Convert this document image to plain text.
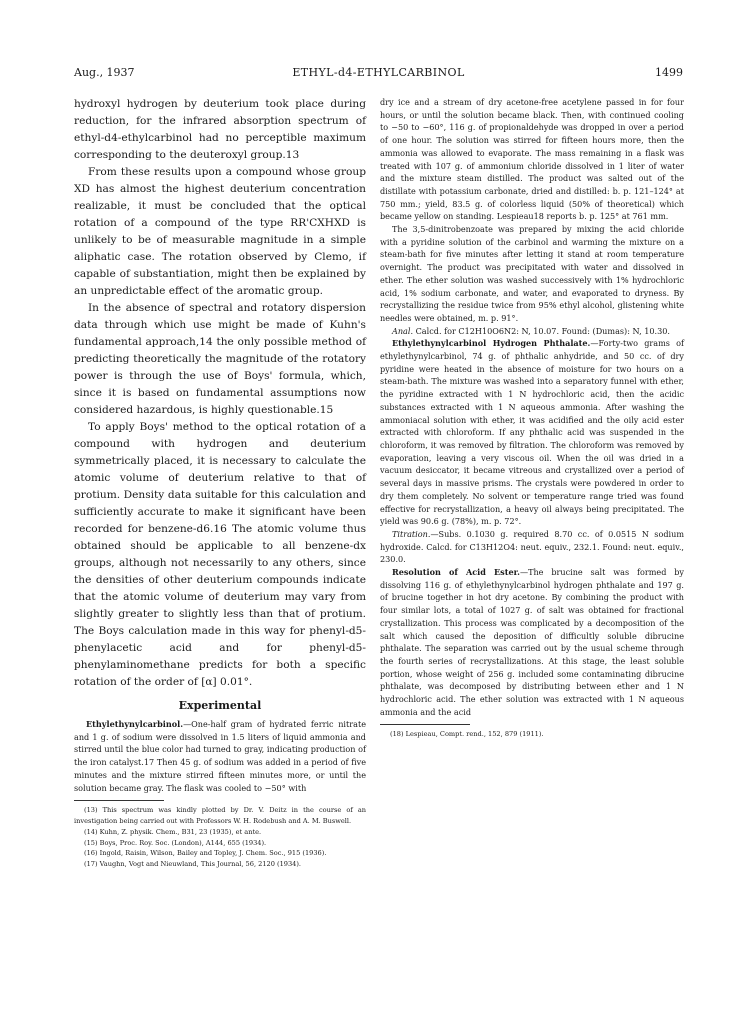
Aug., 1937	ETHYL-d4-ETHYLCARBINOL	1499

hydroxyl hydrogen by deuterium took place during reduction, for the infrared absorption spectrum of ethyl-d4-ethylcarbinol had no perceptible maximum corresponding to the deuteroxyl group.13

From these results upon a compound whose group XD has almost the highest deuterium concentration realizable, it must be concluded that the optical rotation of a compound of the type RR'CXHXD is unlikely to be of measurable magnitude in a simple aliphatic case. The rotation observed by Clemo, if capable of substantiation, might then be explained by an unpredictable effect of the aromatic group.

In the absence of spectral and rotatory dispersion data through which use might be made of Kuhn's fundamental approach,14 the only possible method of predicting theoretically the magnitude of the rotatory power is through the use of Boys' formula, which, since it is based on fundamental assumptions now considered hazardous, is highly questionable.15

To apply Boys' method to the optical rotation of a compound with hydrogen and deuterium symmetrically placed, it is necessary to calculate the atomic volume of deuterium relative to that of protium. Density data suitable for this calculation and sufficiently accurate to make it significant have been recorded for benzene-d6.16 The atomic volume thus obtained should be applicable to all benzene-dx groups, although not necessarily to any others, since the densities of other deuterium compounds indicate that the atomic volume of deuterium may vary from slightly greater to slightly less than that of protium. The Boys calculation made in this way for phenyl-d5-phenylacetic acid and for phenyl-d5-phenylaminomethane predicts for both a specific rotation of the order of [α] 0.01°.

Experimental

Ethylethynylcarbinol.—One-half gram of hydrated ferric nitrate and 1 g. of sodium were dissolved in 1.5 liters of liquid ammonia and stirred until the blue color had turned to gray, indicating production of the iron catalyst.17 Then 45 g. of sodium was added in a period of five minutes and the mixture stirred fifteen minutes more, or until the solution became gray. The flask was cooled to −50° with

(13) This spectrum was kindly plotted by Dr. V. Deitz in the course of an investigation being carried out with Professors W. H. Rodebush and A. M. Buswell.

(14) Kuhn, Z. physik. Chem., B31, 23 (1935), et ante.

(15) Boys, Proc. Roy. Soc. (London), A144, 655 (1934).

(16) Ingold, Raisin, Wilson, Bailey and Topley, J. Chem. Soc., 915 (1936).

(17) Vaughn, Vogt and Nieuwland, This Journal, 56, 2120 (1934).

dry ice and a stream of dry acetone-free acetylene passed in for four hours, or until the solution became black. Then, with continued cooling to −50 to −60°, 116 g. of propionaldehyde was dropped in over a period of one hour. The solution was stirred for fifteen hours more, then the ammonia was allowed to evaporate. The mass remaining in a flask was treated with 107 g. of ammonium chloride dissolved in 1 liter of water and the mixture steam distilled. The product was salted out of the distillate with potassium carbonate, dried and distilled: b. p. 121–124° at 750 mm.; yield, 83.5 g. of colorless liquid (50% of theoretical) which became yellow on standing. Lespieau18 reports b. p. 125° at 761 mm.

The 3,5-dinitrobenzoate was prepared by mixing the acid chloride with a pyridine solution of the carbinol and warming the mixture on a steam-bath for five minutes after letting it stand at room temperature overnight. The product was precipitated with water and dissolved in ether. The ether solution was washed successively with 1% hydrochloric acid, 1% sodium carbonate, and water, and evaporated to dryness. By recrystallizing the residue twice from 95% ethyl alcohol, glistening white needles were obtained, m. p. 91°.

Anal. Calcd. for C12H10O6N2: N, 10.07. Found: (Dumas): N, 10.30.

Ethylethynylcarbinol Hydrogen Phthalate.—Forty-two grams of ethylethynylcarbinol, 74 g. of phthalic anhydride, and 50 cc. of dry pyridine were heated in the absence of moisture for two hours on a steam-bath. The mixture was washed into a separatory funnel with ether, the pyridine extracted with 1 N hydrochloric acid, then the acidic substances extracted with 1 N aqueous ammonia. After washing the ammoniacal solution with ether, it was acidified and the oily acid ester extracted with chloroform. If any phthalic acid was suspended in the chloroform, it was removed by filtration. The chloroform was removed by evaporation, leaving a very viscous oil. When the oil was dried in a vacuum desiccator, it became vitreous and crystallized over a period of several days in massive prisms. The crystals were powdered in order to dry them completely. No solvent or temperature range tried was found effective for recrystallization, a heavy oil always being precipitated. The yield was 90.6 g. (78%), m. p. 72°.

Titration.—Subs. 0.1030 g. required 8.70 cc. of 0.0515 N sodium hydroxide. Calcd. for C13H12O4: neut. equiv., 232.1. Found: neut. equiv., 230.0.

Resolution of Acid Ester.—The brucine salt was formed by dissolving 116 g. of ethylethynylcarbinol hydrogen phthalate and 197 g. of brucine together in hot dry acetone. By combining the product with four similar lots, a total of 1027 g. of salt was obtained for fractional crystallization. This process was complicated by a decomposition of the salt which caused the deposition of difficultly soluble dibrucine phthalate. The separation was carried out by the usual scheme through the fourth series of recrystallizations. At this stage, the least soluble portion, whose weight of 256 g. included some contaminating dibrucine phthalate, was decomposed by distributing between ether and 1 N hydrochloric acid. The ether solution was extracted with 1 N aqueous ammonia and the acid

(18) Lespieau, Compt. rend., 152, 879 (1911).
